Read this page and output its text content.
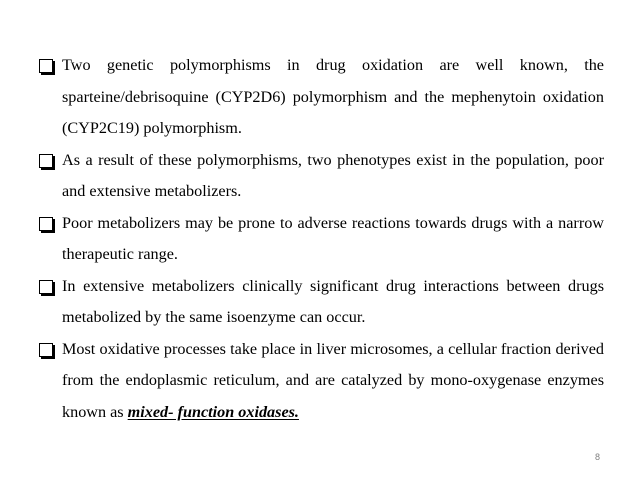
Two genetic polymorphisms in drug oxidation are well known, the sparteine/debrisoquine (CYP2D6) polymorphism and the mephenytoin oxidation (CYP2C19) polymorphism.
As a result of these polymorphisms, two phenotypes exist in the population, poor and extensive metabolizers.
Poor metabolizers may be prone to adverse reactions towards drugs with a narrow therapeutic range.
In extensive metabolizers clinically significant drug interactions between drugs metabolized by the same isoenzyme can occur.
Most oxidative processes take place in liver microsomes, a cellular fraction derived from the endoplasmic reticulum, and are catalyzed by mono-oxygenase enzymes known as mixed- function oxidases.
8
